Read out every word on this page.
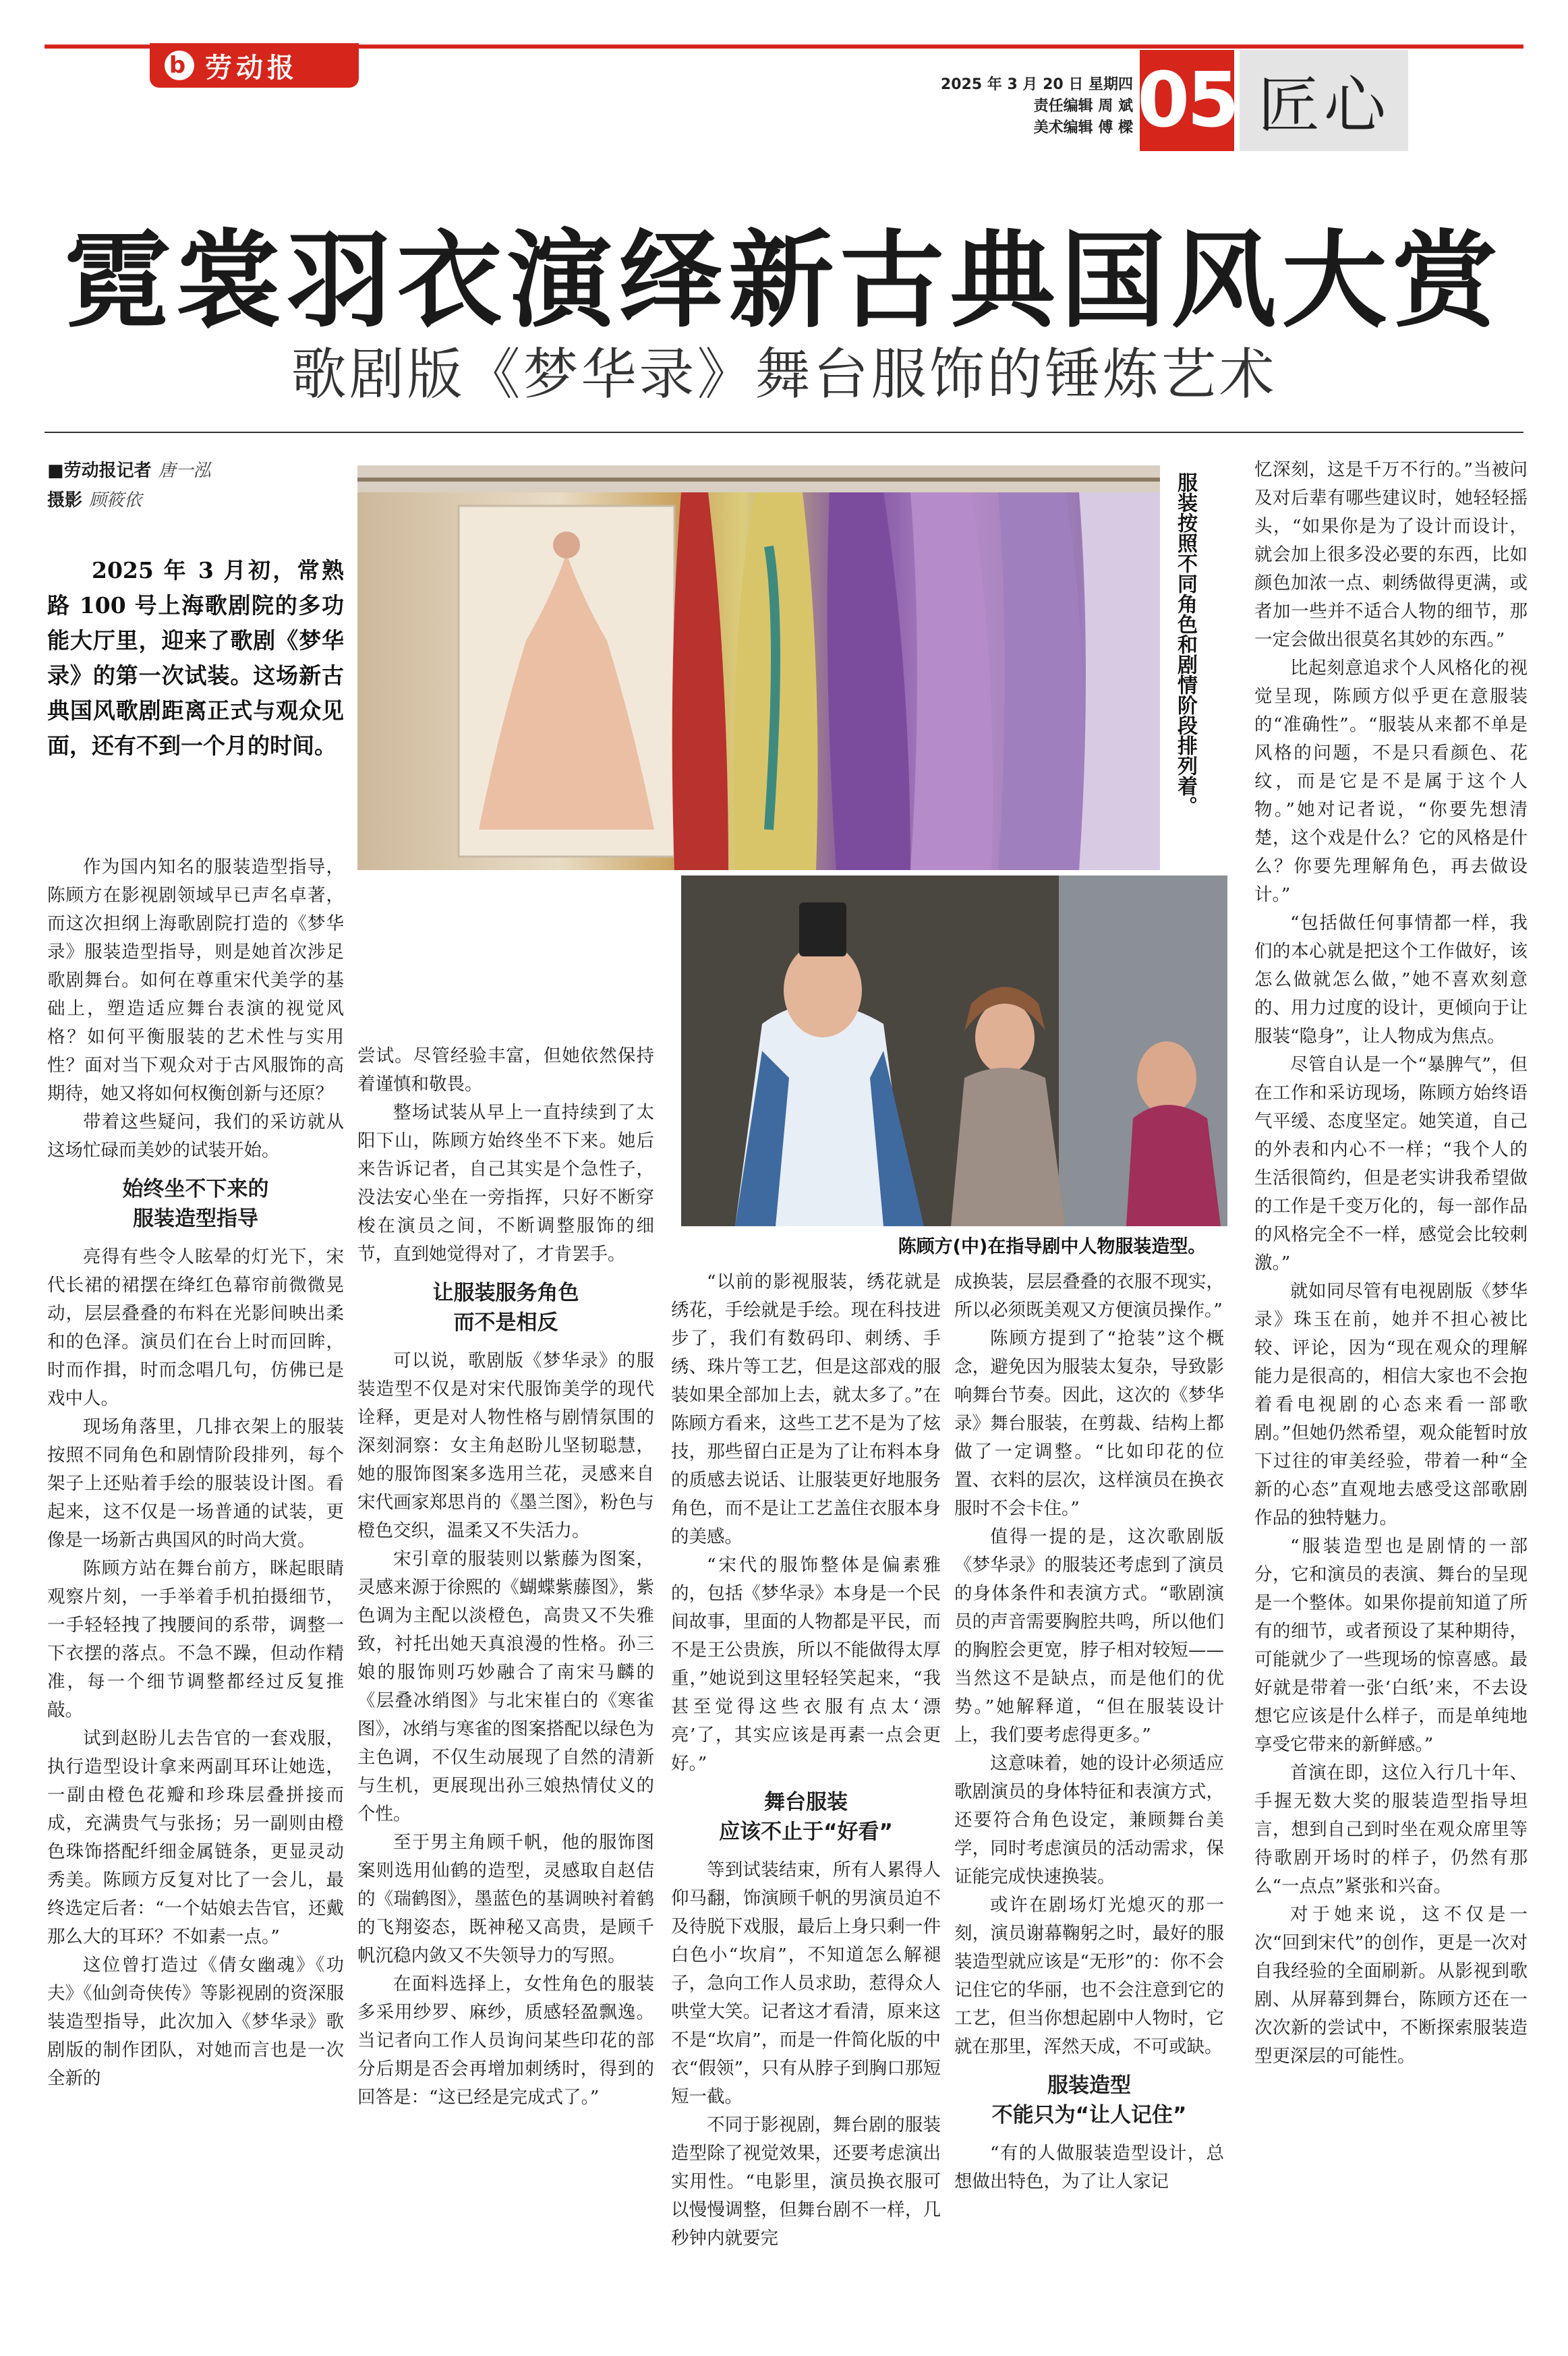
b 劳动报
2025 年 3 月 20 日 星期四
责任编辑 周 斌
美术编辑 傅 樑 05 匠心
霓裳羽衣演绎新古典国风大赏
歌剧版《梦华录》舞台服饰的锤炼艺术
■劳动报记者 唐一泓
摄影 顾筱依
2025 年 3 月初，常熟路 100 号上海歌剧院的多功能大厅里，迎来了歌剧《梦华录》的第一次试装。这场新古典国风歌剧距离正式与观众见面，还有不到一个月的时间。	服装按照不同角色和剧情阶段排列着。
陈顾方(中)在指导剧中人物服装造型。

作为国内知名的服装造型指导，陈顾方在影视剧领域早已声名卓著，而这次担纲上海歌剧院打造的《梦华录》服装造型指导，则是她首次涉足歌剧舞台。如何在尊重宋代美学的基础上，塑造适应舞台表演的视觉风格？如何平衡服装的艺术性与实用性？面对当下观众对于古风服饰的高期待，她又将如何权衡创新与还原？

带着这些疑问，我们的采访就从这场忙碌而美妙的试装开始。

始终坐不下来的
服装造型指导

亮得有些令人眩晕的灯光下，宋代长裙的裙摆在绛红色幕帘前微微晃动，层层叠叠的布料在光影间映出柔和的色泽。演员们在台上时而回眸，时而作揖，时而念唱几句，仿佛已是戏中人。

现场角落里，几排衣架上的服装按照不同角色和剧情阶段排列，每个架子上还贴着手绘的服装设计图。看起来，这不仅是一场普通的试装，更像是一场新古典国风的时尚大赏。

陈顾方站在舞台前方，眯起眼睛观察片刻，一手举着手机拍摄细节，一手轻轻拽了拽腰间的系带，调整一下衣摆的落点。不急不躁，但动作精准，每一个细节调整都经过反复推敲。

试到赵盼儿去告官的一套戏服，执行造型设计拿来两副耳环让她选，一副由橙色花瓣和珍珠层叠拼接而成，充满贵气与张扬；另一副则由橙色珠饰搭配纤细金属链条，更显灵动秀美。陈顾方反复对比了一会儿，最终选定后者：“一个姑娘去告官，还戴那么大的耳环？不如素一点。”

这位曾打造过《倩女幽魂》《功夫》《仙剑奇侠传》等影视剧的资深服装造型指导，此次加入《梦华录》歌剧版的制作团队，对她而言也是一次全新的

尝试。尽管经验丰富，但她依然保持着谨慎和敬畏。

整场试装从早上一直持续到了太阳下山，陈顾方始终坐不下来。她后来告诉记者，自己其实是个急性子，没法安心坐在一旁指挥，只好不断穿梭在演员之间，不断调整服饰的细节，直到她觉得对了，才肯罢手。

让服装服务角色
而不是相反

可以说，歌剧版《梦华录》的服装造型不仅是对宋代服饰美学的现代诠释，更是对人物性格与剧情氛围的深刻洞察：女主角赵盼儿坚韧聪慧，她的服饰图案多选用兰花，灵感来自宋代画家郑思肖的《墨兰图》，粉色与橙色交织，温柔又不失活力。

宋引章的服装则以紫藤为图案，灵感来源于徐熙的《蝴蝶紫藤图》，紫色调为主配以淡橙色，高贵又不失雅致，衬托出她天真浪漫的性格。孙三娘的服饰则巧妙融合了南宋马麟的《层叠冰绡图》与北宋崔白的《寒雀图》，冰绡与寒雀的图案搭配以绿色为主色调，不仅生动展现了自然的清新与生机，更展现出孙三娘热情仗义的个性。

至于男主角顾千帆，他的服饰图案则选用仙鹤的造型，灵感取自赵佶的《瑞鹤图》，墨蓝色的基调映衬着鹤的飞翔姿态，既神秘又高贵，是顾千帆沉稳内敛又不失领导力的写照。

在面料选择上，女性角色的服装多采用纱罗、麻纱，质感轻盈飘逸。当记者向工作人员询问某些印花的部分后期是否会再增加刺绣时，得到的回答是：“这已经是完成式了。”

“以前的影视服装，绣花就是绣花，手绘就是手绘。现在科技进步了，我们有数码印、刺绣、手绣、珠片等工艺，但是这部戏的服装如果全部加上去，就太多了。”在陈顾方看来，这些工艺不是为了炫技，那些留白正是为了让布料本身的质感去说话、让服装更好地服务角色，而不是让工艺盖住衣服本身的美感。

“宋代的服饰整体是偏素雅的，包括《梦华录》本身是一个民间故事，里面的人物都是平民，而不是王公贵族，所以不能做得太厚重，”她说到这里轻轻笑起来，“我甚至觉得这些衣服有点太‘漂亮’了，其实应该是再素一点会更好。”

舞台服装
应该不止于“好看”

等到试装结束，所有人累得人仰马翻，饰演顾千帆的男演员迫不及待脱下戏服，最后上身只剩一件白色小“坎肩”，不知道怎么解褪子，急向工作人员求助，惹得众人哄堂大笑。记者这才看清，原来这不是“坎肩”，而是一件简化版的中衣“假领”，只有从脖子到胸口那短短一截。

不同于影视剧，舞台剧的服装造型除了视觉效果，还要考虑演出实用性。“电影里，演员换衣服可以慢慢调整，但舞台剧不一样，几秒钟内就要完

成换装，层层叠叠的衣服不现实，所以必须既美观又方便演员操作。”

陈顾方提到了“抢装”这个概念，避免因为服装太复杂，导致影响舞台节奏。因此，这次的《梦华录》舞台服装，在剪裁、结构上都做了一定调整。“比如印花的位置、衣料的层次，这样演员在换衣服时不会卡住。”

值得一提的是，这次歌剧版《梦华录》的服装还考虑到了演员的身体条件和表演方式。“歌剧演员的声音需要胸腔共鸣，所以他们的胸腔会更宽，脖子相对较短——当然这不是缺点，而是他们的优势。”她解释道，“但在服装设计上，我们要考虑得更多。”

这意味着，她的设计必须适应歌剧演员的身体特征和表演方式，还要符合角色设定，兼顾舞台美学，同时考虑演员的活动需求，保证能完成快速换装。

或许在剧场灯光熄灭的那一刻，演员谢幕鞠躬之时，最好的服装造型就应该是“无形”的：你不会记住它的华丽，也不会注意到它的工艺，但当你想起剧中人物时，它就在那里，浑然天成，不可或缺。

服装造型
不能只为“让人记住”

“有的人做服装造型设计，总想做出特色，为了让人家记

忆深刻，这是千万不行的。”当被问及对后辈有哪些建议时，她轻轻摇头，“如果你是为了设计而设计，就会加上很多没必要的东西，比如颜色加浓一点、刺绣做得更满，或者加一些并不适合人物的细节，那一定会做出很莫名其妙的东西。”

比起刻意追求个人风格化的视觉呈现，陈顾方似乎更在意服装的“准确性”。“服装从来都不单是风格的问题，不是只看颜色、花纹，而是它是不是属于这个人物。”她对记者说，“你要先想清楚，这个戏是什么？它的风格是什么？你要先理解角色，再去做设计。”

“包括做任何事情都一样，我们的本心就是把这个工作做好，该怎么做就怎么做，”她不喜欢刻意的、用力过度的设计，更倾向于让服装“隐身”，让人物成为焦点。

尽管自认是一个“暴脾气”，但在工作和采访现场，陈顾方始终语气平缓、态度坚定。她笑道，自己的外表和内心不一样；“我个人的生活很简约，但是老实讲我希望做的工作是千变万化的，每一部作品的风格完全不一样，感觉会比较刺激。”

就如同尽管有电视剧版《梦华录》珠玉在前，她并不担心被比较、评论，因为“现在观众的理解能力是很高的，相信大家也不会抱着看电视剧的心态来看一部歌剧。”但她仍然希望，观众能暂时放下过往的审美经验，带着一种“全新的心态”直观地去感受这部歌剧作品的独特魅力。

“服装造型也是剧情的一部分，它和演员的表演、舞台的呈现是一个整体。如果你提前知道了所有的细节，或者预设了某种期待，可能就少了一些现场的惊喜感。最好就是带着一张‘白纸’来，不去设想它应该是什么样子，而是单纯地享受它带来的新鲜感。”

首演在即，这位入行几十年、手握无数大奖的服装造型指导坦言，想到自己到时坐在观众席里等待歌剧开场时的样子，仍然有那么“一点点”紧张和兴奋。

对于她来说，这不仅是一次“回到宋代”的创作，更是一次对自我经验的全面刷新。从影视到歌剧、从屏幕到舞台，陈顾方还在一次次新的尝试中，不断探索服装造型更深层的可能性。
